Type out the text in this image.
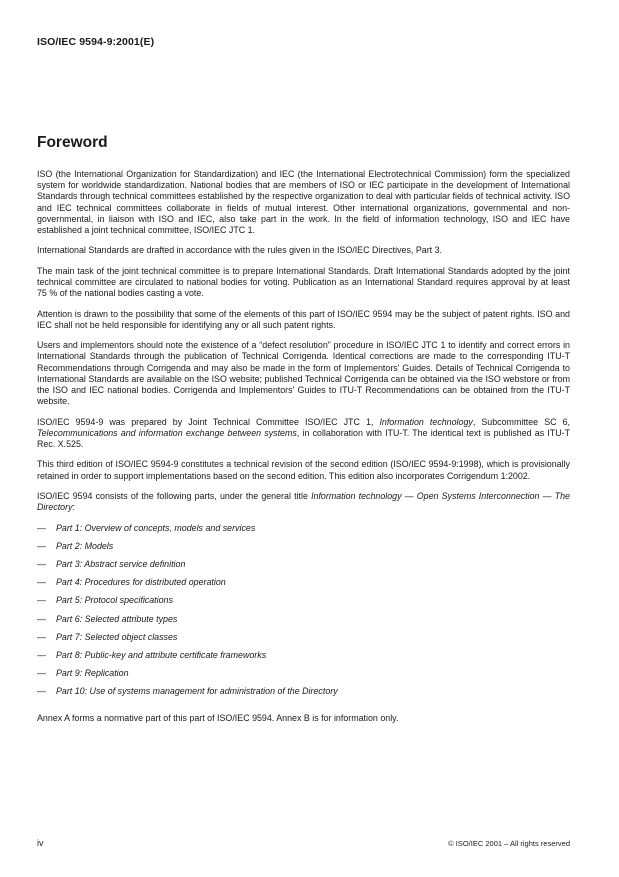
ISO/IEC 9594-9:2001(E)
Foreword

ISO (the International Organization for Standardization) and IEC (the International Electrotechnical Commission) form the specialized system for worldwide standardization. National bodies that are members of ISO or IEC participate in the development of International Standards through technical committees established by the respective organization to deal with particular fields of technical activity. ISO and IEC technical committees collaborate in fields of mutual interest. Other international organizations, governmental and non-governmental, in liaison with ISO and IEC, also take part in the work. In the field of information technology, ISO and IEC have established a joint technical committee, ISO/IEC JTC 1.

International Standards are drafted in accordance with the rules given in the ISO/IEC Directives, Part 3.

The main task of the joint technical committee is to prepare International Standards. Draft International Standards adopted by the joint technical committee are circulated to national bodies for voting. Publication as an International Standard requires approval by at least 75 % of the national bodies casting a vote.

Attention is drawn to the possibility that some of the elements of this part of ISO/IEC 9594 may be the subject of patent rights. ISO and IEC shall not be held responsible for identifying any or all such patent rights.

Users and implementors should note the existence of a “defect resolution” procedure in ISO/IEC JTC 1 to identify and correct errors in International Standards through the publication of Technical Corrigenda. Identical corrections are made to the corresponding ITU-T Recommendations through Corrigenda and may also be made in the form of Implementors' Guides. Details of Technical Corrigenda to International Standards are available on the ISO website; published Technical Corrigenda can be obtained via the ISO webstore or from the ISO and IEC national bodies. Corrigenda and Implementors' Guides to ITU-T Recommendations can be obtained from the ITU-T website.

ISO/IEC 9594-9 was prepared by Joint Technical Committee ISO/IEC JTC 1, Information technology, Subcommittee SC 6, Telecommunications and information exchange between systems, in collaboration with ITU-T. The identical text is published as ITU-T Rec. X.525.

This third edition of ISO/IEC 9594-9 constitutes a technical revision of the second edition (ISO/IEC 9594-9:1998), which is provisionally retained in order to support implementations based on the second edition. This edition also incorporates Corrigendum 1:2002.

ISO/IEC 9594 consists of the following parts, under the general title Information technology — Open Systems Interconnection — The Directory:

—	Part 1: Overview of concepts, models and services
—	Part 2: Models
—	Part 3: Abstract service definition
—	Part 4: Procedures for distributed operation
—	Part 5: Protocol specifications
—	Part 6: Selected attribute types
—	Part 7: Selected object classes
—	Part 8: Public-key and attribute certificate frameworks
—	Part 9: Replication
—	Part 10: Use of systems management for administration of the Directory

Annex A forms a normative part of this part of ISO/IEC 9594. Annex B is for information only.

iv	© ISO/IEC 2001 – All rights reserved
